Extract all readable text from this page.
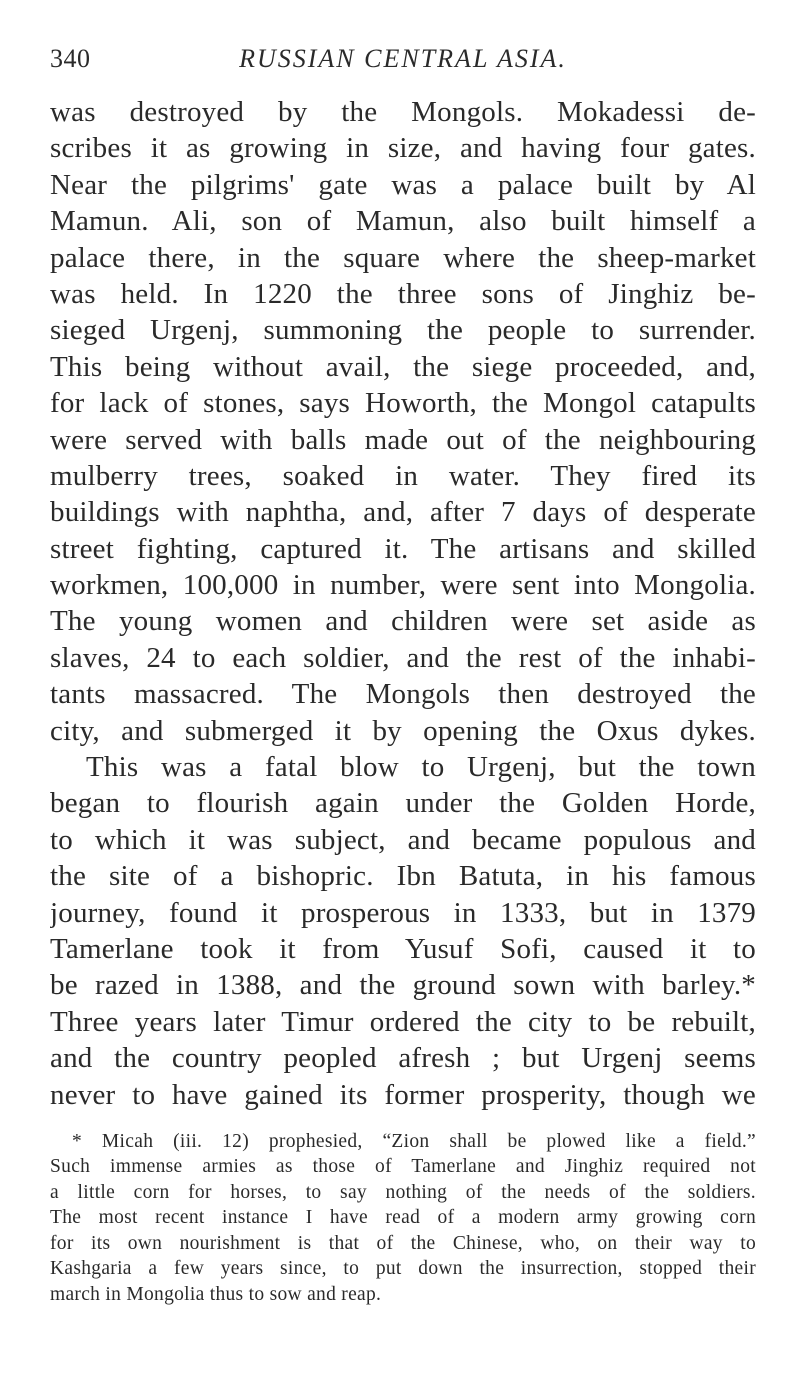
340	RUSSIAN CENTRAL ASIA.
was destroyed by the Mongols. Mokadessi de-
scribes it as growing in size, and having four gates.
Near the pilgrims' gate was a palace built by Al
Mamun. Ali, son of Mamun, also built himself a
palace there, in the square where the sheep-market
was held. In 1220 the three sons of Jinghiz be-
sieged Urgenj, summoning the people to surrender.
This being without avail, the siege proceeded, and,
for lack of stones, says Howorth, the Mongol catapults
were served with balls made out of the neighbouring
mulberry trees, soaked in water. They fired its
buildings with naphtha, and, after 7 days of desperate
street fighting, captured it. The artisans and skilled
workmen, 100,000 in number, were sent into Mongolia.
The young women and children were set aside as
slaves, 24 to each soldier, and the rest of the inhabi-
tants massacred. The Mongols then destroyed the
city, and submerged it by opening the Oxus dykes.
This was a fatal blow to Urgenj, but the town
began to flourish again under the Golden Horde,
to which it was subject, and became populous and
the site of a bishopric. Ibn Batuta, in his famous
journey, found it prosperous in 1333, but in 1379
Tamerlane took it from Yusuf Sofi, caused it to
be razed in 1388, and the ground sown with barley.*
Three years later Timur ordered the city to be rebuilt,
and the country peopled afresh ; but Urgenj seems
never to have gained its former prosperity, though we
* Micah (iii. 12) prophesied, “Zion shall be plowed like a field.”
Such immense armies as those of Tamerlane and Jinghiz required not
a little corn for horses, to say nothing of the needs of the soldiers.
The most recent instance I have read of a modern army growing corn
for its own nourishment is that of the Chinese, who, on their way to
Kashgaria a few years since, to put down the insurrection, stopped their
march in Mongolia thus to sow and reap.
